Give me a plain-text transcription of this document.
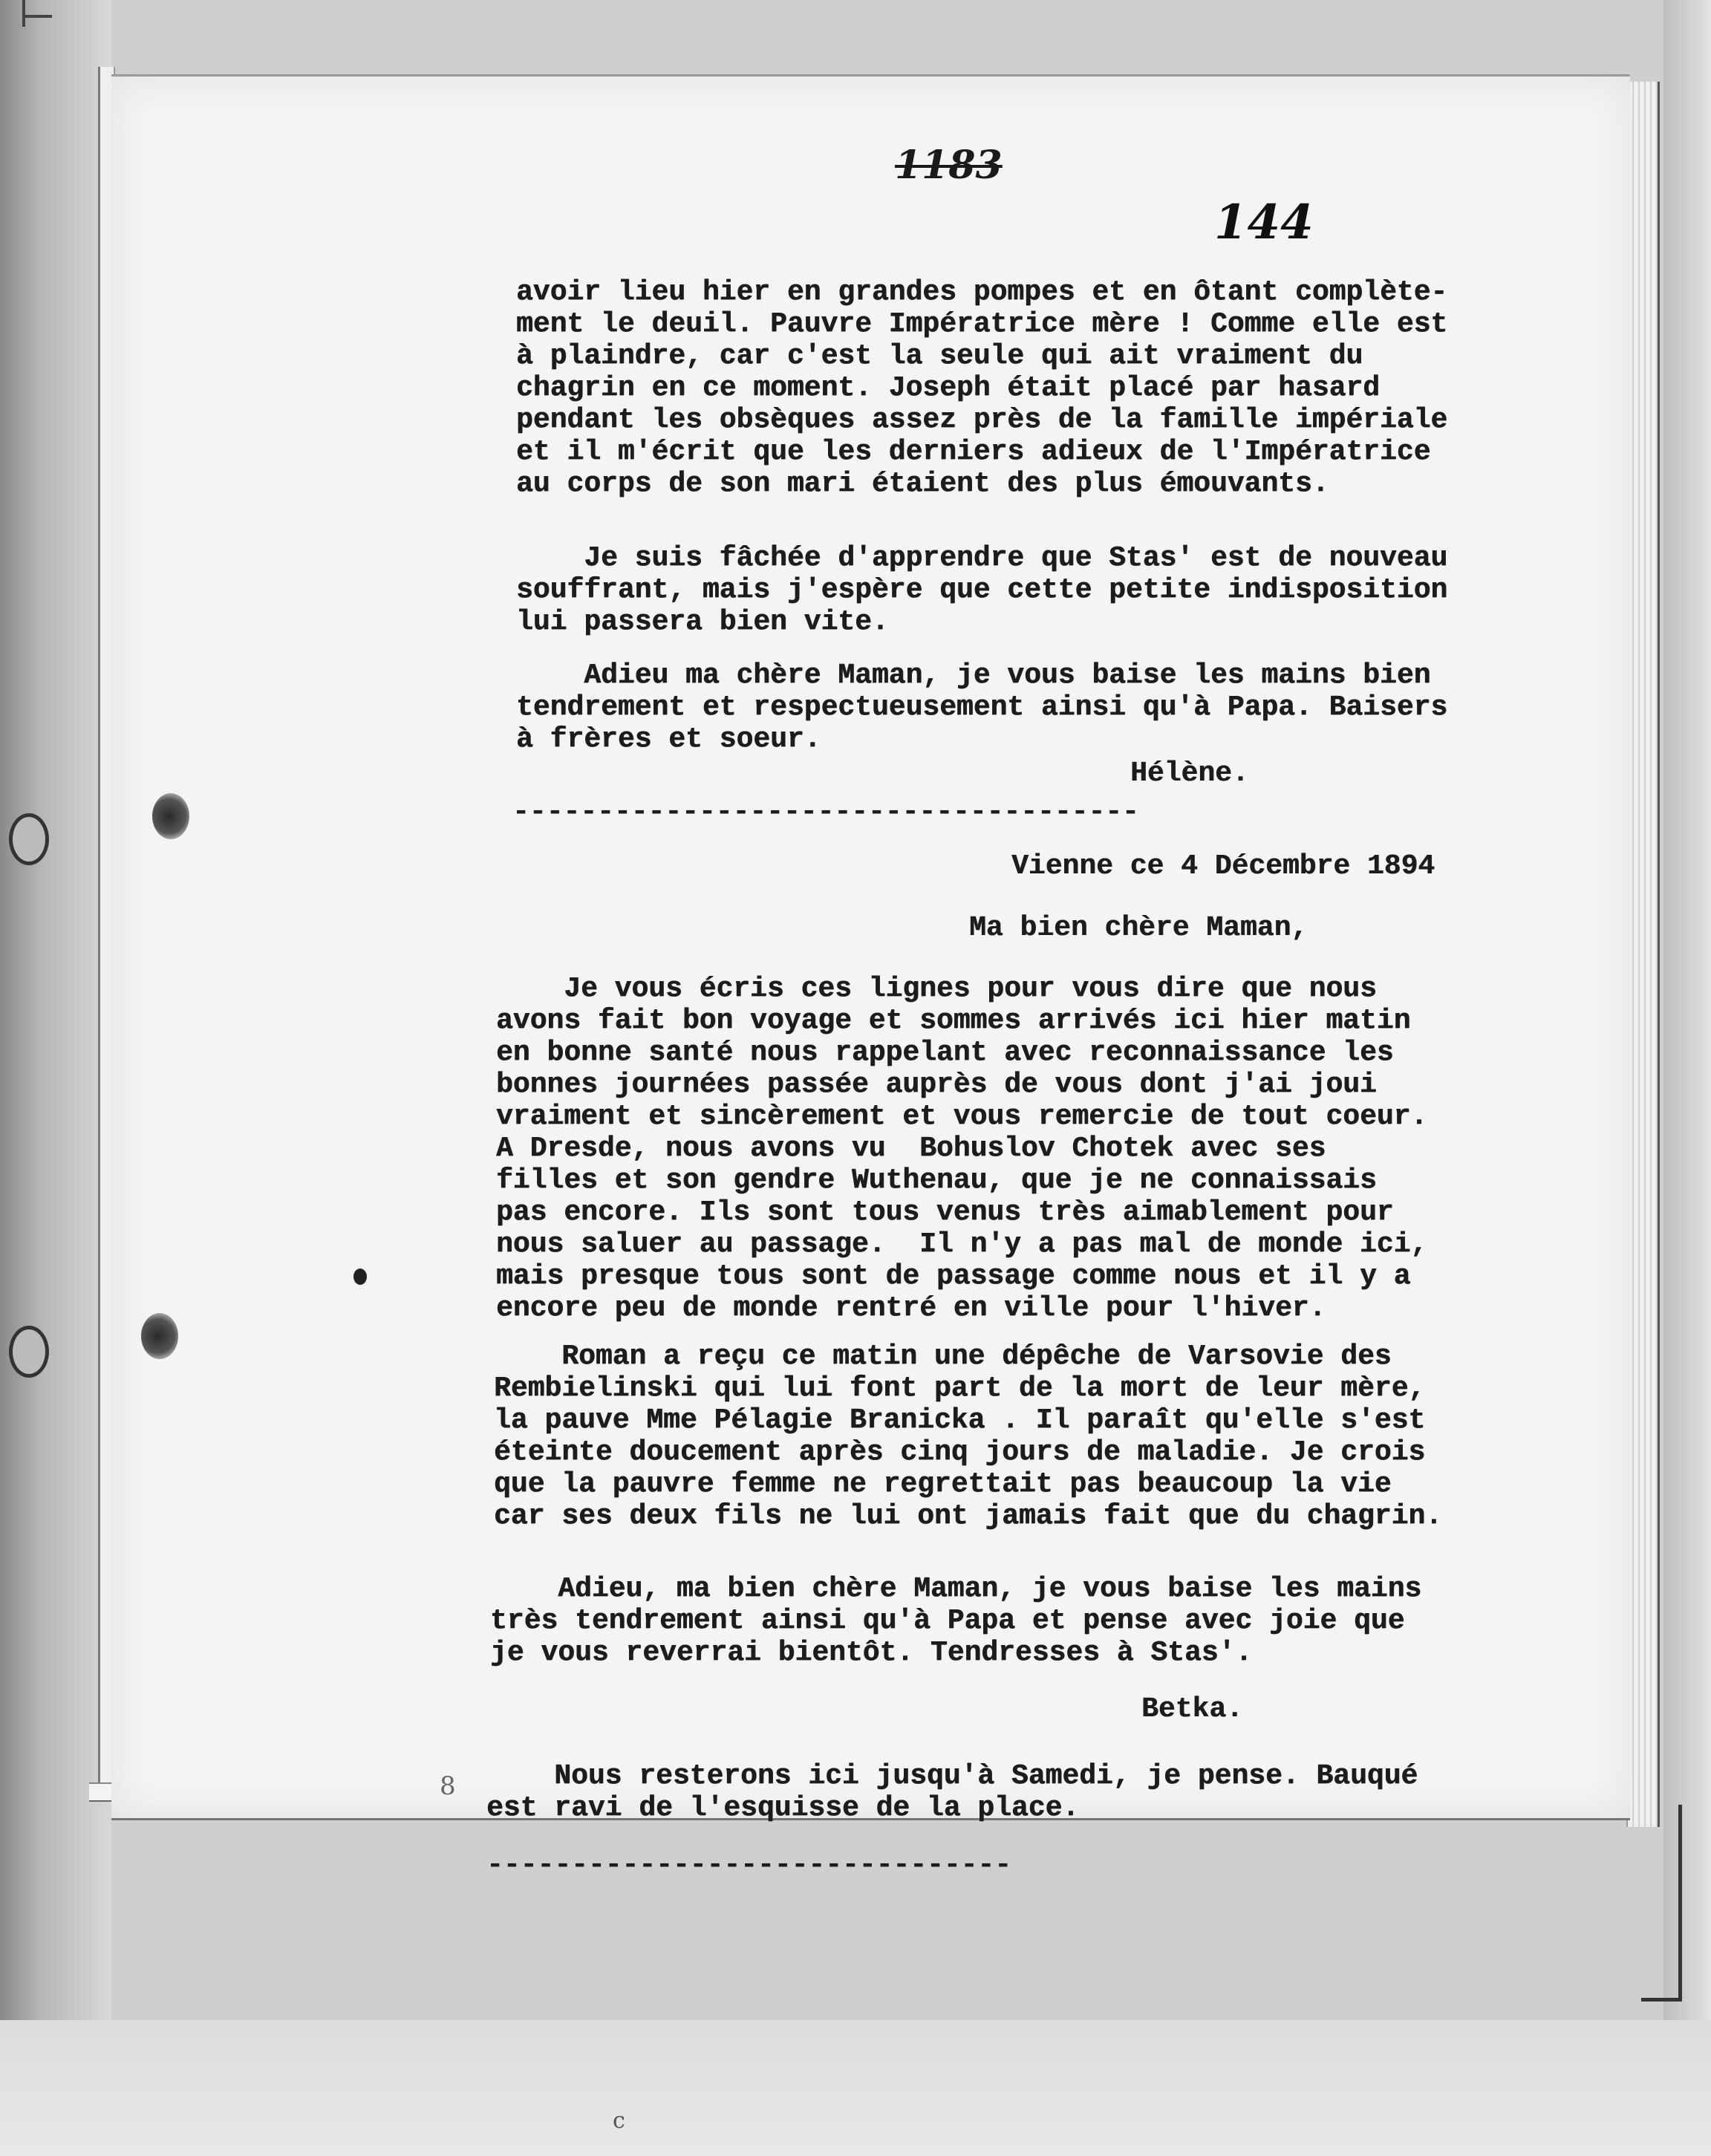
8
c
1183
144
avoir lieu hier en grandes pompes et en ôtant complète-
ment le deuil. Pauvre Impératrice mère ! Comme elle est
à plaindre, car c'est la seule qui ait vraiment du
chagrin en ce moment. Joseph était placé par hasard
pendant les obsèques assez près de la famille impériale
et il m'écrit que les derniers adieux de l'Impératrice
au corps de son mari étaient des plus émouvants.
Je suis fâchée d'apprendre que Stas' est de nouveau
souffrant, mais j'espère que cette petite indisposition
lui passera bien vite.
Adieu ma chère Maman, je vous baise les mains bien
tendrement et respectueusement ainsi qu'à Papa. Baisers
à frères et soeur.
Hélène.
-------------------------------------
Vienne ce 4 Décembre 1894
Ma bien chère Maman,
Je vous écris ces lignes pour vous dire que nous
avons fait bon voyage et sommes arrivés ici hier matin
en bonne santé nous rappelant avec reconnaissance les
bonnes journées passée auprès de vous dont j'ai joui
vraiment et sincèrement et vous remercie de tout coeur.
A Dresde, nous avons vu  Bohuslov Chotek avec ses
filles et son gendre Wuthenau, que je ne connaissais
pas encore. Ils sont tous venus très aimablement pour
nous saluer au passage.  Il n'y a pas mal de monde ici,
mais presque tous sont de passage comme nous et il y a
encore peu de monde rentré en ville pour l'hiver.
Roman a reçu ce matin une dépêche de Varsovie des
Rembielinski qui lui font part de la mort de leur mère,
la pauve Mme Pélagie Branicka . Il paraît qu'elle s'est
éteinte doucement après cinq jours de maladie. Je crois
que la pauvre femme ne regrettait pas beaucoup la vie
car ses deux fils ne lui ont jamais fait que du chagrin.
Adieu, ma bien chère Maman, je vous baise les mains
très tendrement ainsi qu'à Papa et pense avec joie que
je vous reverrai bientôt. Tendresses à Stas'.
Betka.
Nous resterons ici jusqu'à Samedi, je pense. Bauqué
est ravi de l'esquisse de la place.
-------------------------------
